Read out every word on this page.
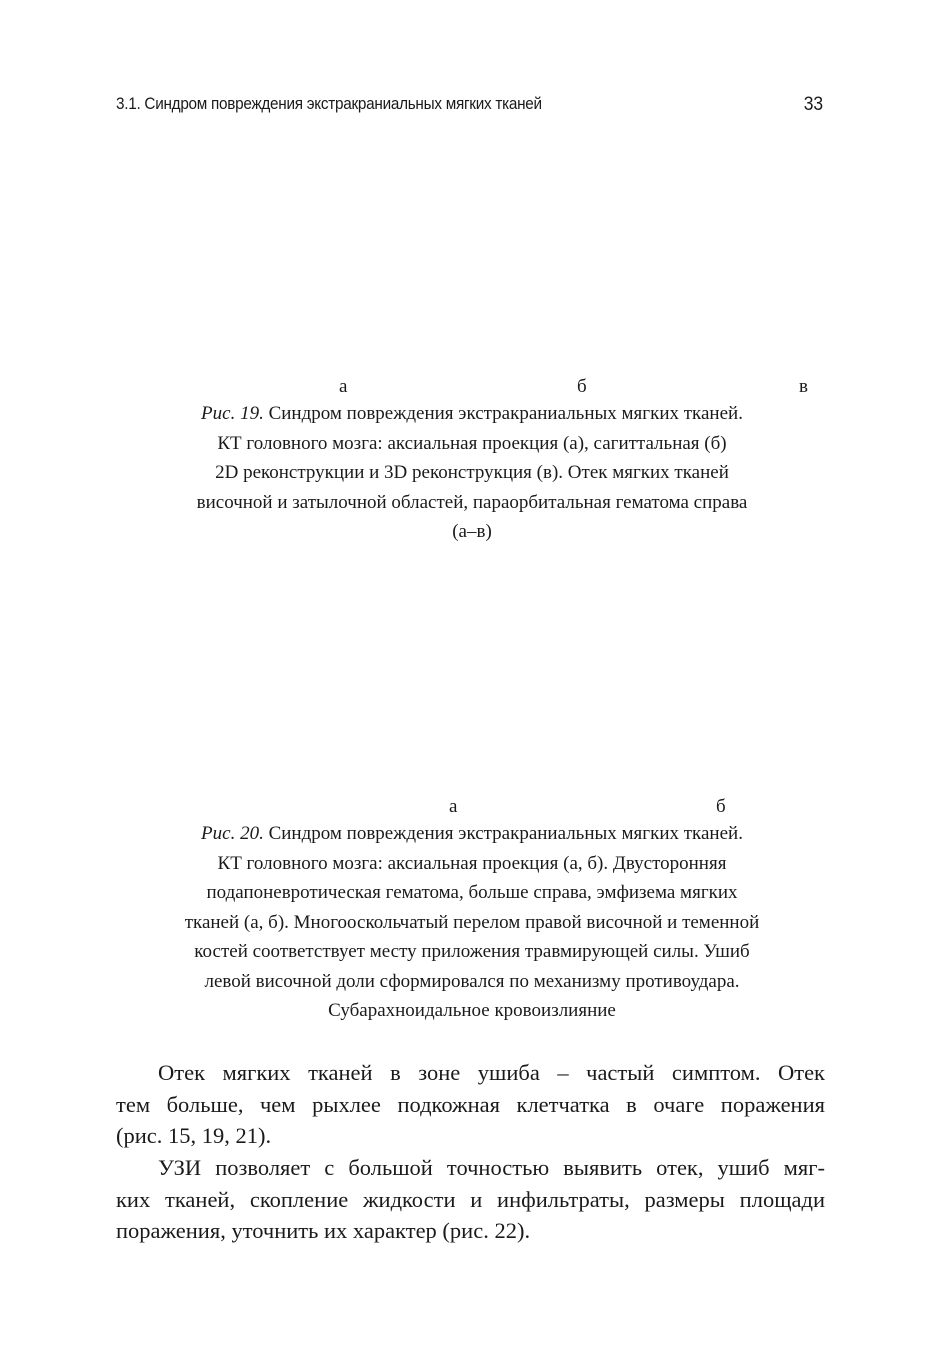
3.1. Синдром повреждения экстракраниальных мягких тканей	33
а	б	в
Рис. 19. Синдром повреждения экстракраниальных мягких тканей.
КТ головного мозга: аксиальная проекция (а), сагиттальная (б)
2D реконструкции и 3D реконструкция (в). Отек мягких тканей
височной и затылочной областей, параорбитальная гематома справа
(а–в)
а	б
Рис. 20. Синдром повреждения экстракраниальных мягких тканей.
КТ головного мозга: аксиальная проекция (а, б). Двусторонняя
подапоневротическая гематома, больше справа, эмфизема мягких
тканей (а, б). Многооскольчатый перелом правой височной и теменной
костей соответствует месту приложения травмирующей силы. Ушиб
левой височной доли сформировался по механизму противоудара.
Субарахноидальное кровоизлияние
Отек мягких тканей в зоне ушиба – частый симптом. Отек
тем больше, чем рыхлее подкожная клетчатка в очаге поражения
(рис. 15, 19, 21).
УЗИ позволяет с большой точностью выявить отек, ушиб мяг-
ких тканей, скопление жидкости и инфильтраты, размеры площади
поражения, уточнить их характер (рис. 22).
